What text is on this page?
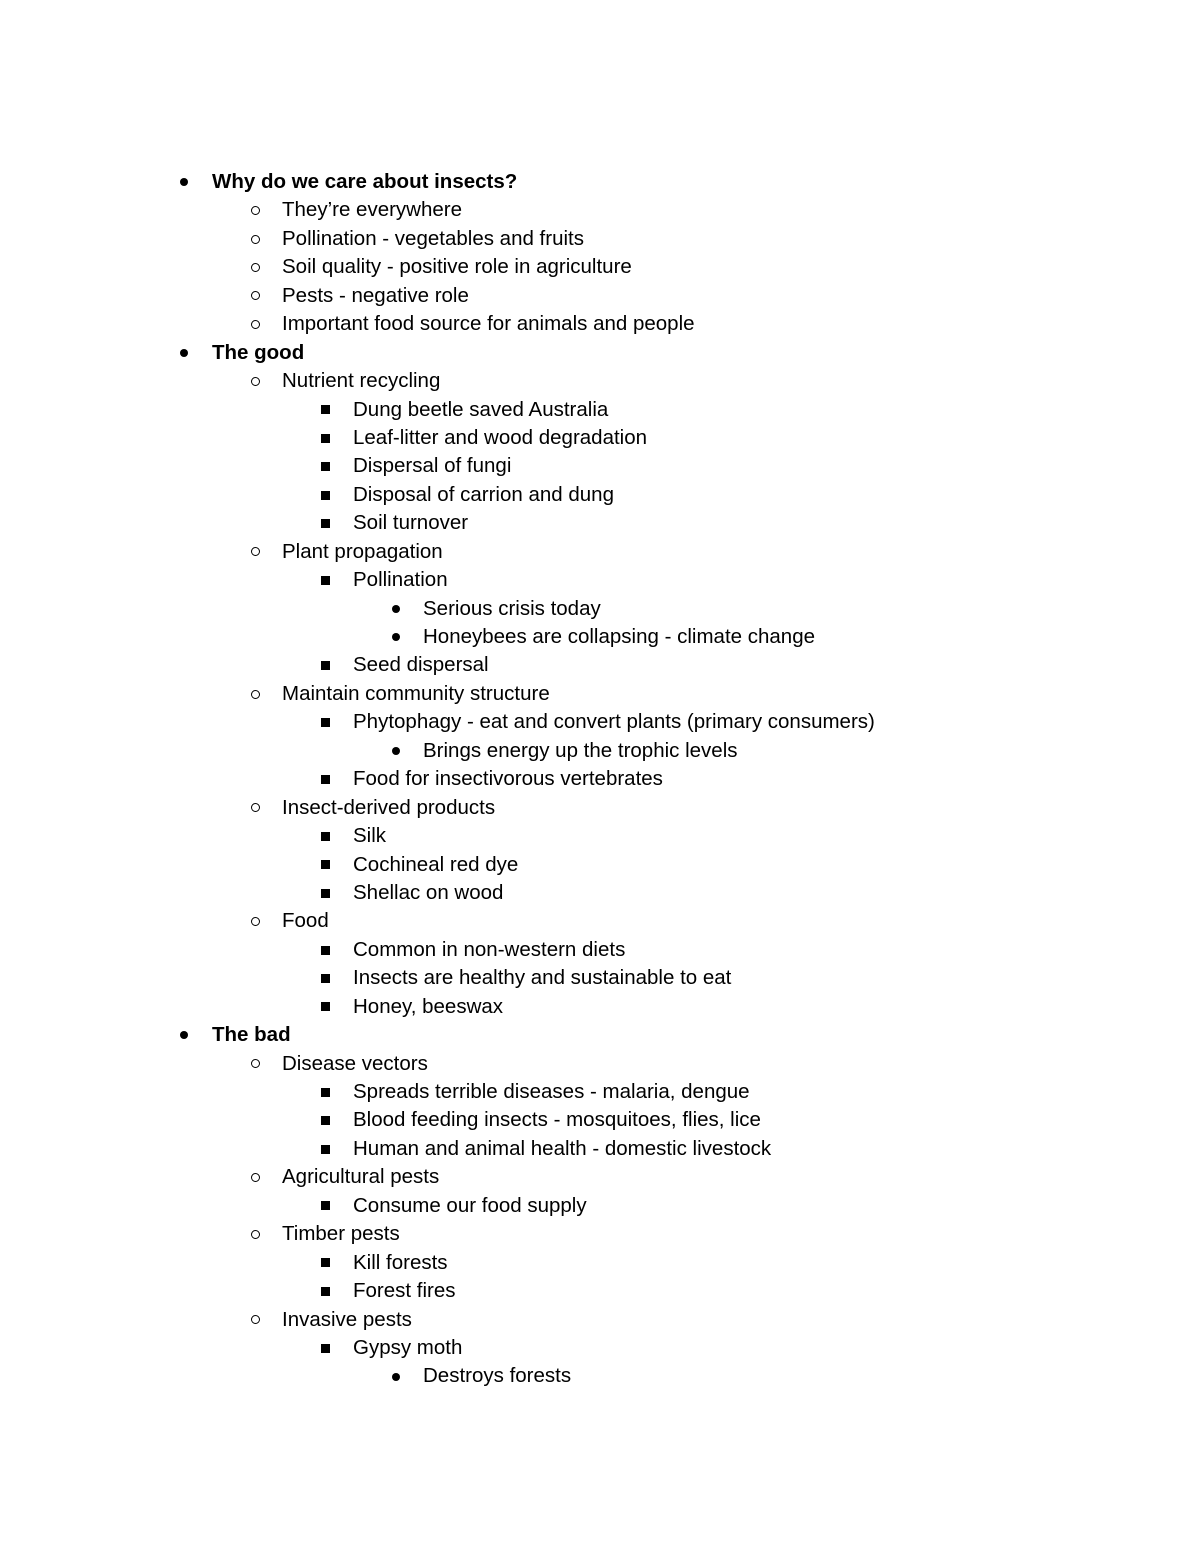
Why do we care about insects?
They’re everywhere
Pollination - vegetables and fruits
Soil quality - positive role in agriculture
Pests - negative role
Important food source for animals and people
The good
Nutrient recycling
Dung beetle saved Australia
Leaf-litter and wood degradation
Dispersal of fungi
Disposal of carrion and dung
Soil turnover
Plant propagation
Pollination
Serious crisis today
Honeybees are collapsing - climate change
Seed dispersal
Maintain community structure
Phytophagy - eat and convert plants (primary consumers)
Brings energy up the trophic levels
Food for insectivorous vertebrates
Insect-derived products
Silk
Cochineal red dye
Shellac on wood
Food
Common in non-western diets
Insects are healthy and sustainable to eat
Honey, beeswax
The bad
Disease vectors
Spreads terrible diseases - malaria, dengue
Blood feeding insects - mosquitoes, flies, lice
Human and animal health - domestic livestock
Agricultural pests
Consume our food supply
Timber pests
Kill forests
Forest fires
Invasive pests
Gypsy moth
Destroys forests
